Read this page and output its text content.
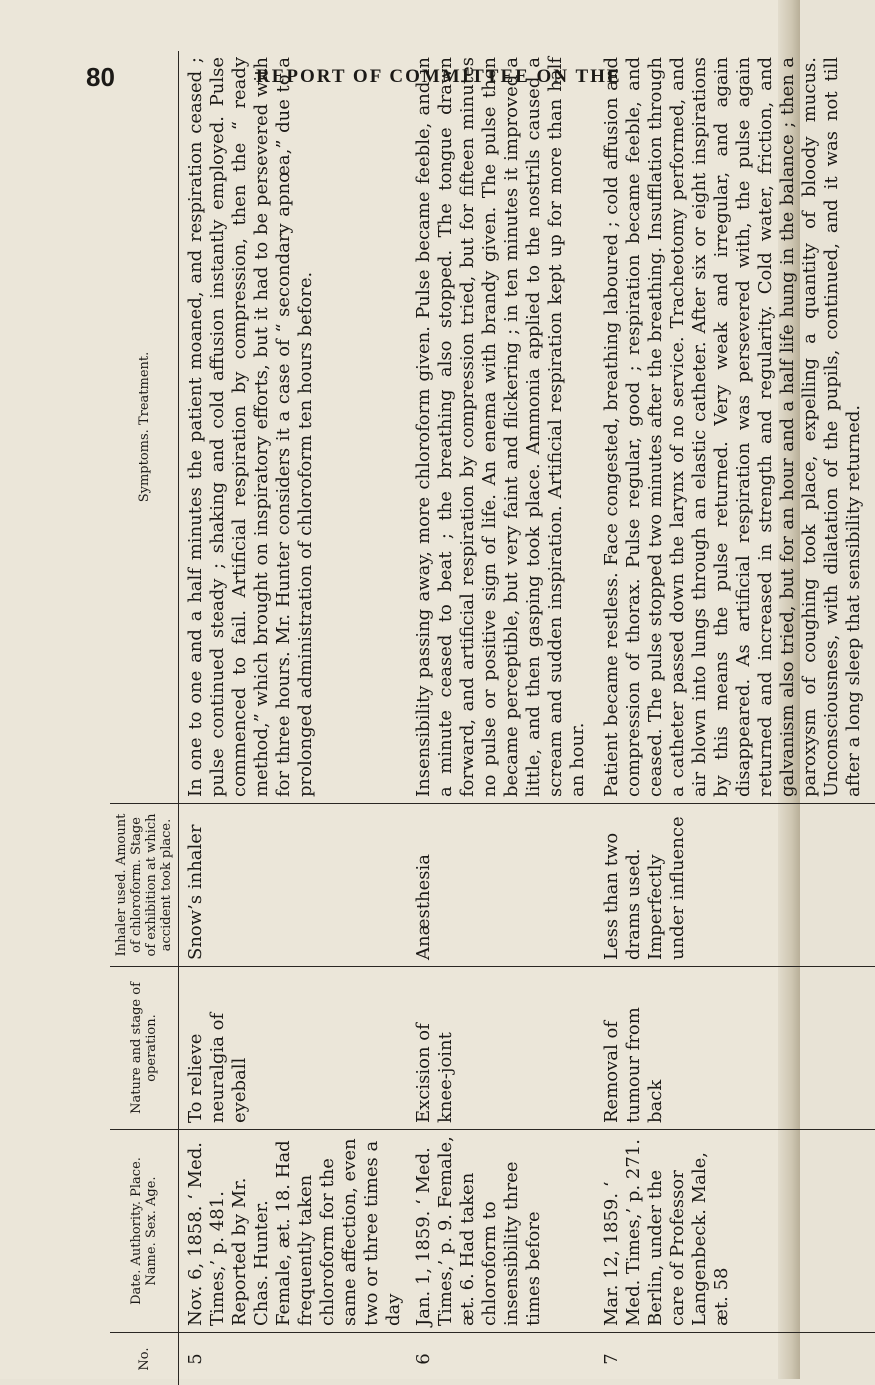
80	REPORT OF COMMITTEE ON THE
No.	Date. Authority. Place. Name. Sex. Age.	Nature and stage of operation.	Inhaler used. Amount of chloroform. Stage of exhibition at which accident took place.	Symptoms. Treatment.
5	Nov. 6, 1858. ‘ Med. Times,’ p. 481. Reported by Mr. Chas. Hunter. Female, æt. 18. Had frequently taken chloroform for the same affection, even two or three times a day	To relieve neuralgia of eyeball	Snow’s inhaler	In one to one and a half minutes the patient moaned, and respiration ceased ; pulse continued steady ; shaking and cold affusion instantly employed. Pulse commenced to fail. Artificial respiration by compression, then the “ ready method,” which brought on inspiratory efforts, but it had to be persevered with for three hours. Mr. Hunter considers it a case of “ secondary apnœa,” due to a prolonged administration of chloroform ten hours before.
6	Jan. 1, 1859. ‘ Med. Times,’ p. 9. Female, æt. 6. Had taken chloroform to insensibility three times before	Excision of knee-joint	Anæsthesia	Insensibility passing away, more chloroform given. Pulse became feeble, and in a minute ceased to beat ; the breathing also stopped. The tongue drawn forward, and artificial respiration by compression tried, but for fifteen minutes no pulse or positive sign of life. An enema with brandy given. The pulse then became perceptible, but very faint and flickering ; in ten minutes it improved a little, and then gasping took place. Ammonia applied to the nostrils caused a scream and sudden inspiration. Artificial respiration kept up for more than half an hour.
7	Mar. 12, 1859. ‘ Med. Times,’ p. 271. Berlin, under the care of Professor Langenbeck. Male, æt. 58	Removal of tumour from back	Less than two drams used. Imperfectly under influence	Patient became restless. Face congested, breathing laboured ; cold affusion and compression of thorax. Pulse regular, good ; respiration became feeble, and ceased. The pulse stopped two minutes after the breathing. Insufflation through a catheter passed down the larynx of no service. Tracheotomy performed, and air blown into lungs through an elastic catheter. After six or eight inspirations by this means the pulse returned. Very weak and irregular, and again disappeared. As artificial respiration was persevered with, the pulse again returned and increased in strength and regularity. Cold water, friction, and galvanism also tried, but for an hour and a half life hung in the balance ; then a paroxysm of coughing took place, expelling a quantity of bloody mucus. Unconsciousness, with dilatation of the pupils, continued, and it was not till after a long sleep that sensibility returned.
